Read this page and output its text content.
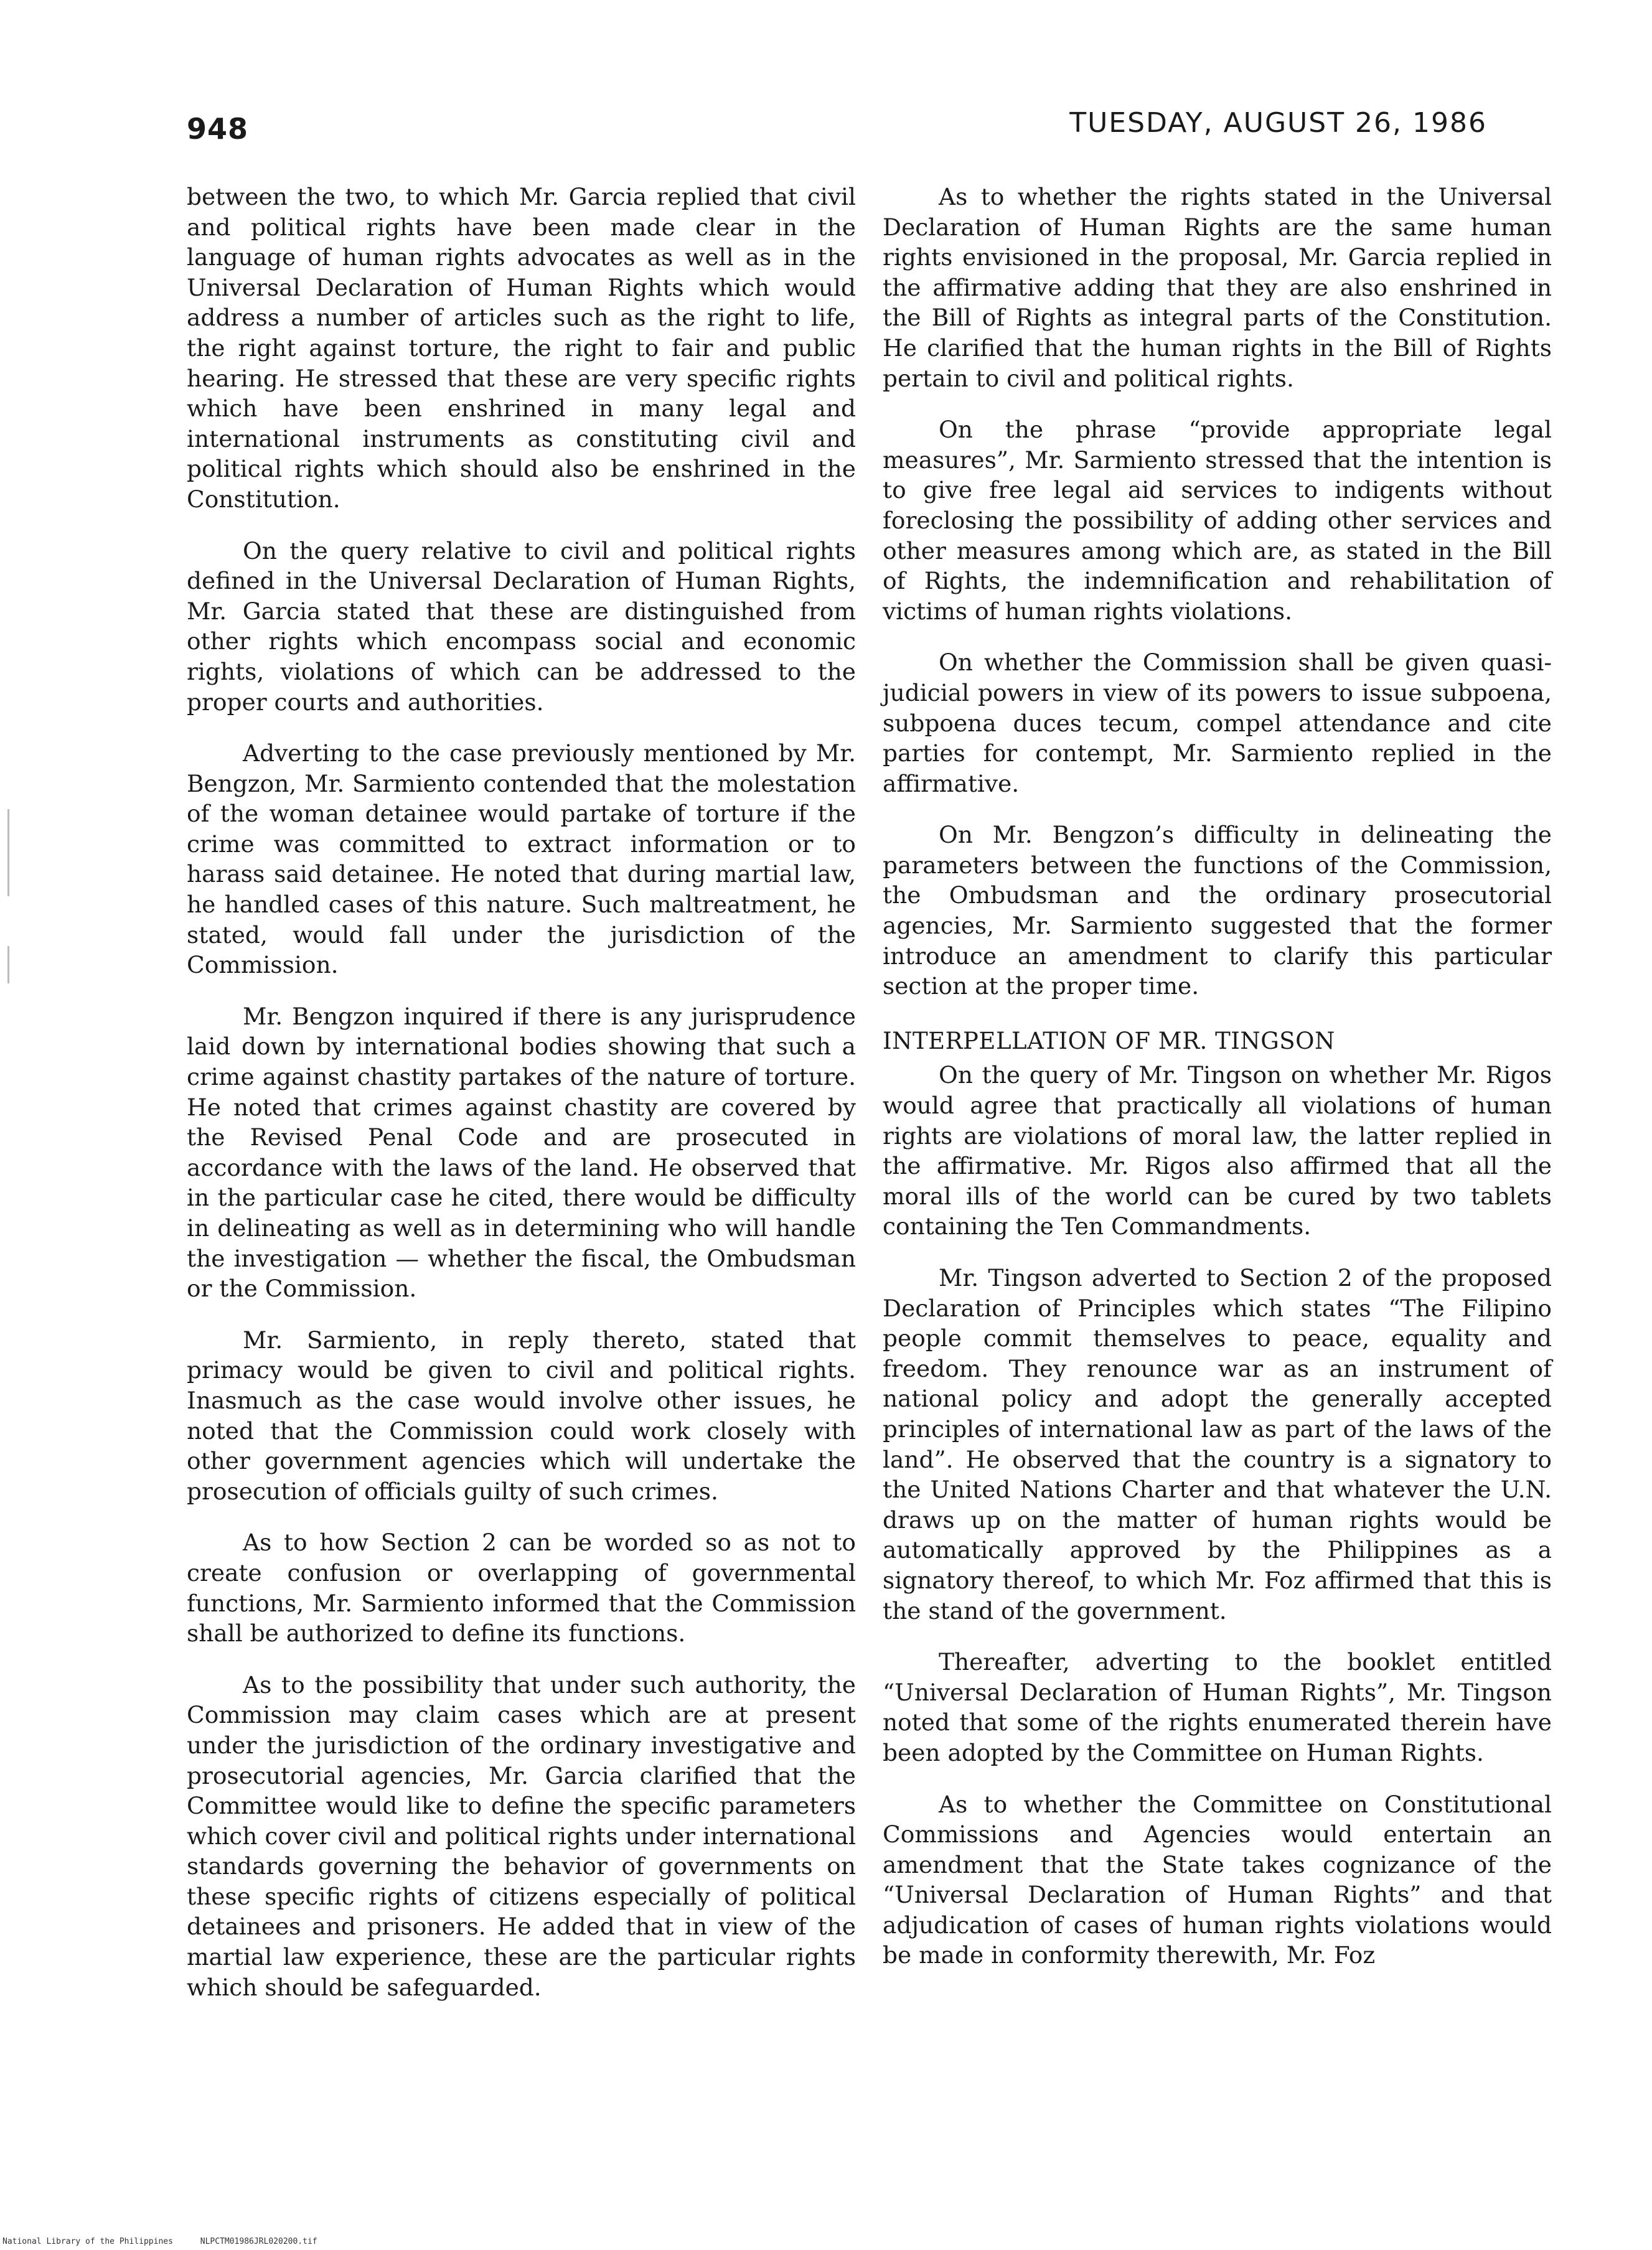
948	TUESDAY, AUGUST 26, 1986

between the two, to which Mr. Garcia replied that civil and political rights have been made clear in the language of human rights advocates as well as in the Universal Declaration of Human Rights which would address a number of articles such as the right to life, the right against torture, the right to fair and public hearing. He stressed that these are very specific rights which have been enshrined in many legal and international instruments as constituting civil and political rights which should also be enshrined in the Constitution.

On the query relative to civil and political rights defined in the Universal Declaration of Human Rights, Mr. Garcia stated that these are distinguished from other rights which encompass social and economic rights, violations of which can be addressed to the proper courts and authorities.

Adverting to the case previously mentioned by Mr. Bengzon, Mr. Sarmiento contended that the molestation of the woman detainee would partake of torture if the crime was committed to extract information or to harass said detainee. He noted that during martial law, he handled cases of this nature. Such maltreatment, he stated, would fall under the jurisdiction of the Commission.

Mr. Bengzon inquired if there is any jurisprudence laid down by international bodies showing that such a crime against chastity partakes of the nature of torture. He noted that crimes against chastity are covered by the Revised Penal Code and are prosecuted in accordance with the laws of the land. He observed that in the particular case he cited, there would be difficulty in delineating as well as in determining who will handle the investigation — whether the fiscal, the Ombudsman or the Commission.

Mr. Sarmiento, in reply thereto, stated that primacy would be given to civil and political rights. Inasmuch as the case would involve other issues, he noted that the Commission could work closely with other government agencies which will undertake the prosecution of officials guilty of such crimes.

As to how Section 2 can be worded so as not to create confusion or overlapping of governmental functions, Mr. Sarmiento informed that the Commission shall be authorized to define its functions.

As to the possibility that under such authority, the Commission may claim cases which are at present under the jurisdiction of the ordinary investigative and prosecutorial agencies, Mr. Garcia clarified that the Committee would like to define the specific parameters which cover civil and political rights under international standards governing the behavior of governments on these specific rights of citizens especially of political detainees and prisoners. He added that in view of the martial law experience, these are the particular rights which should be safeguarded.

As to whether the rights stated in the Universal Declaration of Human Rights are the same human rights envisioned in the proposal, Mr. Garcia replied in the affirmative adding that they are also enshrined in the Bill of Rights as integral parts of the Constitution. He clarified that the human rights in the Bill of Rights pertain to civil and political rights.

On the phrase “provide appropriate legal measures”, Mr. Sarmiento stressed that the intention is to give free legal aid services to indigents without foreclosing the possibility of adding other services and other measures among which are, as stated in the Bill of Rights, the indemnification and rehabilitation of victims of human rights violations.

On whether the Commission shall be given quasi-judicial powers in view of its powers to issue subpoena, subpoena duces tecum, compel attendance and cite parties for contempt, Mr. Sarmiento replied in the affirmative.

On Mr. Bengzon’s difficulty in delineating the parameters between the functions of the Commission, the Ombudsman and the ordinary prosecutorial agencies, Mr. Sarmiento suggested that the former introduce an amendment to clarify this particular section at the proper time.

INTERPELLATION OF MR. TINGSON

On the query of Mr. Tingson on whether Mr. Rigos would agree that practically all violations of human rights are violations of moral law, the latter replied in the affirmative. Mr. Rigos also affirmed that all the moral ills of the world can be cured by two tablets containing the Ten Commandments.

Mr. Tingson adverted to Section 2 of the proposed Declaration of Principles which states “The Filipino people commit themselves to peace, equality and freedom. They renounce war as an instrument of national policy and adopt the generally accepted principles of international law as part of the laws of the land”. He observed that the country is a signatory to the United Nations Charter and that whatever the U.N. draws up on the matter of human rights would be automatically approved by the Philippines as a signatory thereof, to which Mr. Foz affirmed that this is the stand of the government.

Thereafter, adverting to the booklet entitled “Universal Declaration of Human Rights”, Mr. Tingson noted that some of the rights enumerated therein have been adopted by the Committee on Human Rights.

As to whether the Committee on Constitutional Commissions and Agencies would entertain an amendment that the State takes cognizance of the “Universal Declaration of Human Rights” and that adjudication of cases of human rights violations would be made in conformity therewith, Mr. Foz

National Library of the Philippines	NLPCTM01986JRL020200.tif
